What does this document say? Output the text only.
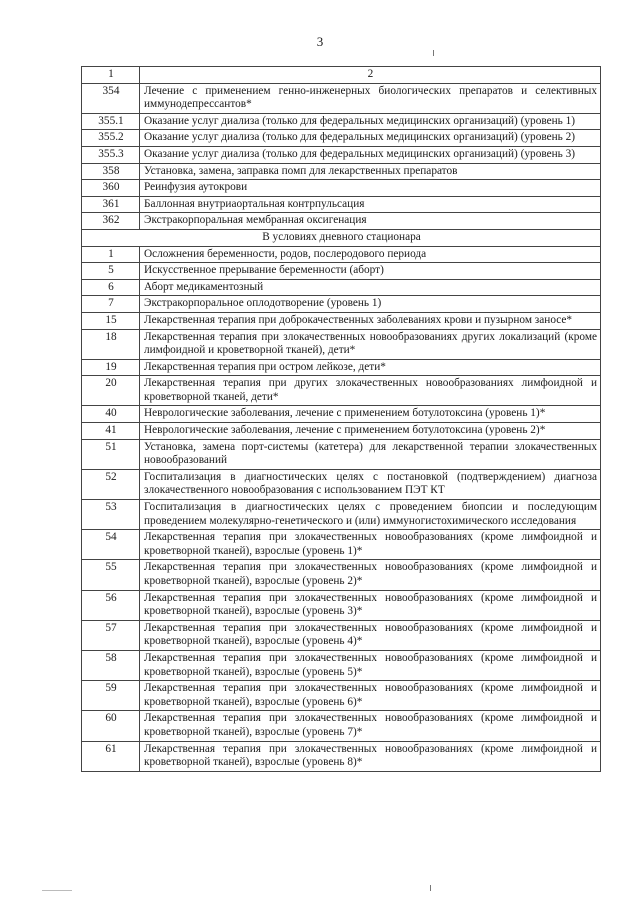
3
1	2
354	Лечение с применением генно-инженерных биологических препаратов и селективных иммунодепрессантов*
355.1	Оказание услуг диализа (только для федеральных медицинских организаций) (уровень 1)
355.2	Оказание услуг диализа (только для федеральных медицинских организаций) (уровень 2)
355.3	Оказание услуг диализа (только для федеральных медицинских организаций) (уровень 3)
358	Установка, замена, заправка помп для лекарственных препаратов
360	Реинфузия аутокрови
361	Баллонная внутриаортальная контрпульсация
362	Экстракорпоральная мембранная оксигенация
В условиях дневного стационара	
1	Осложнения беременности, родов, послеродового периода
5	Искусственное прерывание беременности (аборт)
6	Аборт медикаментозный
7	Экстракорпоральное оплодотворение (уровень 1)
15	Лекарственная терапия при доброкачественных заболеваниях крови и пузырном заносе*
18	Лекарственная терапия при злокачественных новообразованиях других локализаций (кроме лимфоидной и кроветворной тканей), дети*
19	Лекарственная терапия при остром лейкозе, дети*
20	Лекарственная терапия при других злокачественных новообразованиях лимфоидной и кроветворной тканей, дети*
40	Неврологические заболевания, лечение с применением ботулотоксина (уровень 1)*
41	Неврологические заболевания, лечение с применением ботулотоксина (уровень 2)*
51	Установка, замена порт-системы (катетера) для лекарственной терапии злокачественных новообразований
52	Госпитализация в диагностических целях с постановкой (подтверждением) диагноза злокачественного новообразования с использованием ПЭТ КТ
53	Госпитализация в диагностических целях с проведением биопсии и последующим проведением молекулярно-генетического и (или) иммуногистохимического исследования
54	Лекарственная терапия при злокачественных новообразованиях (кроме лимфоидной и кроветворной тканей), взрослые (уровень 1)*
55	Лекарственная терапия при злокачественных новообразованиях (кроме лимфоидной и кроветворной тканей), взрослые (уровень 2)*
56	Лекарственная терапия при злокачественных новообразованиях (кроме лимфоидной и кроветворной тканей), взрослые (уровень 3)*
57	Лекарственная терапия при злокачественных новообразованиях (кроме лимфоидной и кроветворной тканей), взрослые (уровень 4)*
58	Лекарственная терапия при злокачественных новообразованиях (кроме лимфоидной и кроветворной тканей), взрослые (уровень 5)*
59	Лекарственная терапия при злокачественных новообразованиях (кроме лимфоидной и кроветворной тканей), взрослые (уровень 6)*
60	Лекарственная терапия при злокачественных новообразованиях (кроме лимфоидной и кроветворной тканей), взрослые (уровень 7)*
61	Лекарственная терапия при злокачественных новообразованиях (кроме лимфоидной и кроветворной тканей), взрослые (уровень 8)*
